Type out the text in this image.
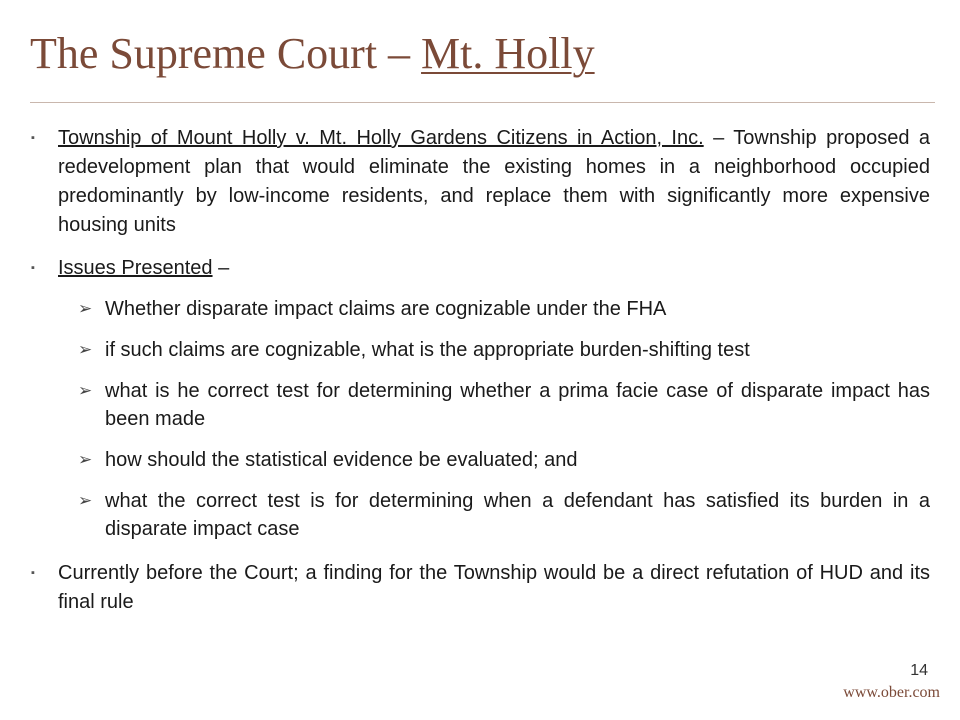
The Supreme Court – Mt. Holly
▪ Township of Mount Holly v. Mt. Holly Gardens Citizens in Action, Inc. – Township proposed a redevelopment plan that would eliminate the existing homes in a neighborhood occupied predominantly by low-income residents, and replace them with significantly more expensive housing units
▪ Issues Presented –
➢ Whether disparate impact claims are cognizable under the FHA
➢ if such claims are cognizable, what is the appropriate burden-shifting test
➢ what is he correct test for determining whether a prima facie case of disparate impact has been made
➢ how should the statistical evidence be evaluated; and
➢ what the correct test is for determining when a defendant has satisfied its burden in a disparate impact case
▪ Currently before the Court; a finding for the Township would be a direct refutation of HUD and its final rule
14
www.ober.com
